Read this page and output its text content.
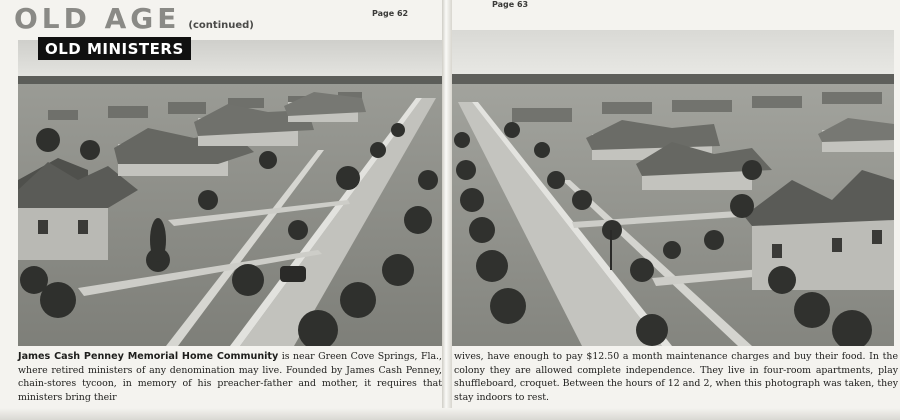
OLD AGE (continued)
Page 62
OLD MINISTERS
James Cash Penney Memorial Home Community is near Green Cove Springs, Fla., where retired ministers of any denomination may live. Founded by James Cash Penney, chain-stores tycoon, in memory of his preacher-father and mother, it requires that ministers bring their
Page 63
wives, have enough to pay $12.50 a month maintenance charges and buy their food. In the colony they are allowed complete independence. They live in four-room apartments, play shuffleboard, croquet. Between the hours of 12 and 2, when this photograph was taken, they stay indoors to rest.
